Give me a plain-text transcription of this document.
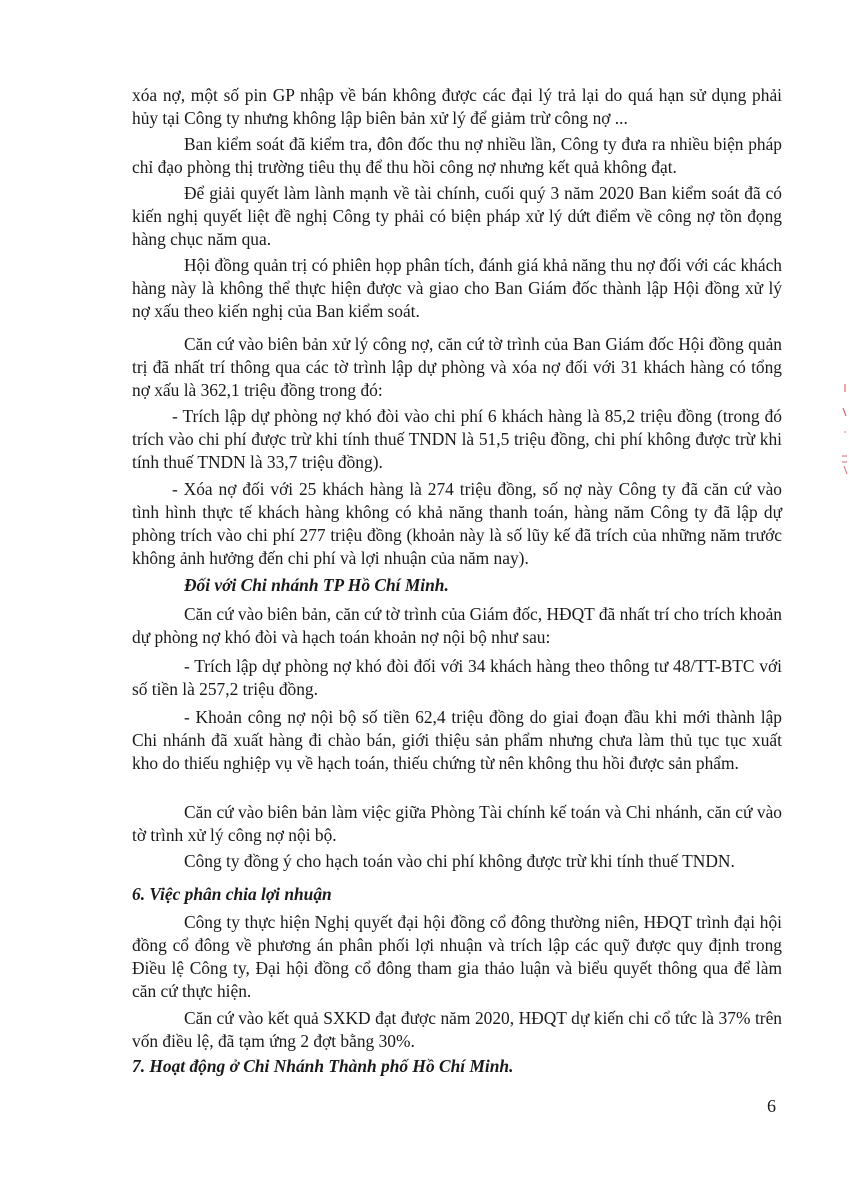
xóa nợ, một số pin GP nhập về bán không được các đại lý trả lại do quá hạn sử dụng phải hủy tại Công ty nhưng không lập biên bản xử lý để giảm trừ công nợ ...

Ban kiểm soát đã kiểm tra, đôn đốc thu nợ nhiều lần, Công ty đưa ra nhiều biện pháp chỉ đạo phòng thị trường tiêu thụ để thu hồi công nợ nhưng kết quả không đạt.

Để giải quyết làm lành mạnh về tài chính, cuối quý 3 năm 2020 Ban kiểm soát đã có kiến nghị quyết liệt đề nghị Công ty phải có biện pháp xử lý dứt điểm về công nợ tồn đọng hàng chục năm qua.

Hội đồng quản trị có phiên họp phân tích, đánh giá khả năng thu nợ đối với các khách hàng này là không thể thực hiện được và giao cho Ban Giám đốc thành lập Hội đồng xử lý nợ xấu theo kiến nghị của Ban kiểm soát.

Căn cứ vào biên bản xử lý công nợ, căn cứ tờ trình của Ban Giám đốc Hội đồng quản trị đã nhất trí thông qua các tờ trình lập dự phòng và xóa nợ đối với 31 khách hàng có tổng nợ xấu là 362,1 triệu đồng trong đó:

- Trích lập dự phòng nợ khó đòi vào chi phí 6 khách hàng là 85,2 triệu đồng (trong đó trích vào chi phí được trừ khi tính thuế TNDN là 51,5 triệu đồng, chi phí không được trừ khi tính thuế TNDN là 33,7 triệu đồng).

- Xóa nợ đối với 25 khách hàng là 274 triệu đồng, số nợ này Công ty đã căn cứ vào tình hình thực tế khách hàng không có khả năng thanh toán, hàng năm Công ty đã lập dự phòng trích vào chi phí 277 triệu đồng (khoản này là số lũy kế đã trích của những năm trước không ảnh hưởng đến chi phí và lợi nhuận của năm nay).

Đối với Chi nhánh TP Hồ Chí Minh.

Căn cứ vào biên bản, căn cứ tờ trình của Giám đốc, HĐQT đã nhất trí cho trích khoản dự phòng nợ khó đòi và hạch toán khoản nợ nội bộ như sau:

- Trích lập dự phòng nợ khó đòi đối với 34 khách hàng theo thông tư 48/TT-BTC với số tiền là 257,2 triệu đồng.

- Khoản công nợ nội bộ số tiền 62,4 triệu đồng do giai đoạn đầu khi mới thành lập Chi nhánh đã xuất hàng đi chào bán, giới thiệu sản phẩm nhưng chưa làm thủ tục tục xuất kho do thiếu nghiệp vụ về hạch toán, thiếu chứng từ nên không thu hồi được sản phẩm.

Căn cứ vào biên bản làm việc giữa Phòng Tài chính kế toán và Chi nhánh, căn cứ vào tờ trình xử lý công nợ nội bộ.

Công ty đồng ý cho hạch toán vào chi phí không được trừ khi tính thuế TNDN.

6. Việc phân chia lợi nhuận

Công ty thực hiện Nghị quyết đại hội đồng cổ đông thường niên, HĐQT trình đại hội đồng cổ đông về phương án phân phối lợi nhuận và trích lập các quỹ được quy định trong Điều lệ Công ty, Đại hội đồng cổ đông tham gia thảo luận và biểu quyết thông qua để làm căn cứ thực hiện.

Căn cứ vào kết quả SXKD đạt được năm 2020, HĐQT dự kiến chi cổ tức là 37% trên vốn điều lệ, đã tạm ứng 2 đợt bằng 30%.

7. Hoạt động ở Chi Nhánh Thành phố Hồ Chí Minh.

6
